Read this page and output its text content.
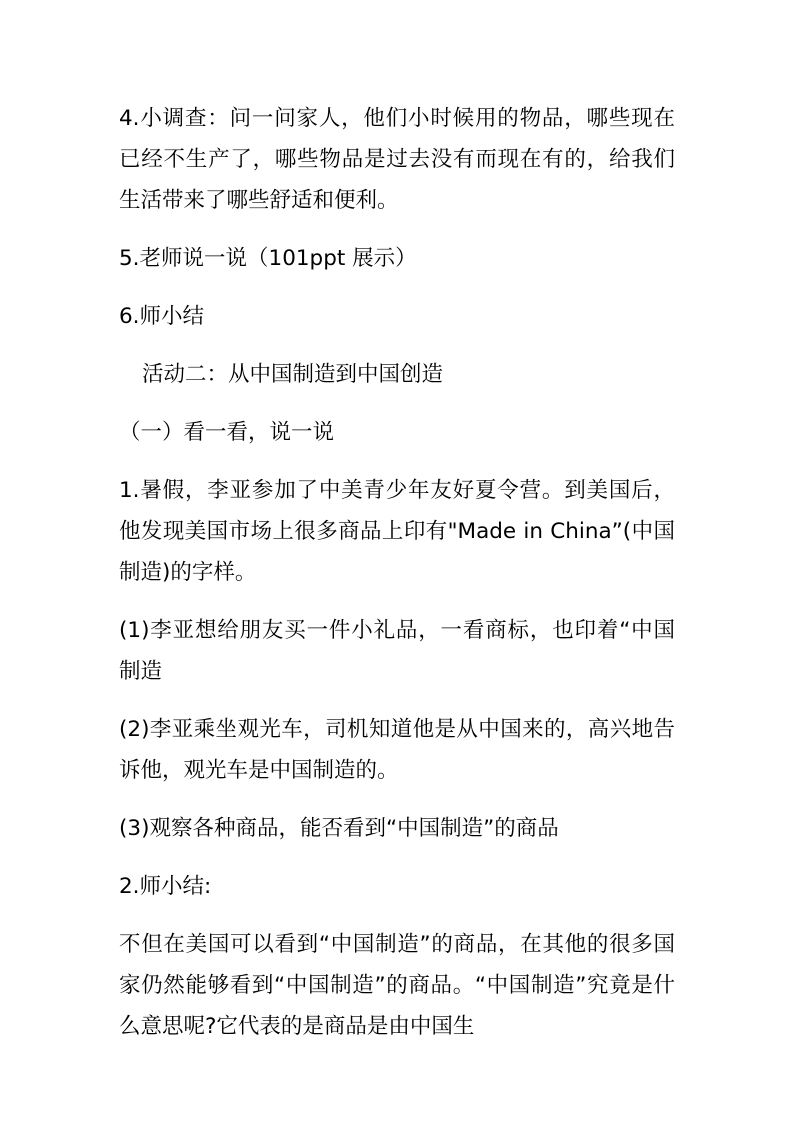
4.小调查：问一问家人，他们小时候用的物品，哪些现在已经不生产了，哪些物品是过去没有而现在有的，给我们生活带来了哪些舒适和便利。

5.老师说一说（101ppt 展示）

6.师小结

活动二：从中国制造到中国创造

（一）看一看，说一说

1.暑假，李亚参加了中美青少年友好夏令营。到美国后，他发现美国市场上很多商品上印有"Made in China”(中国制造)的字样。

(1)李亚想给朋友买一件小礼品，一看商标，也印着“中国制造

(2)李亚乘坐观光车，司机知道他是从中国来的，高兴地告诉他，观光车是中国制造的。

(3)观察各种商品，能否看到“中国制造”的商品

2.师小结:

不但在美国可以看到“中国制造”的商品，在其他的很多国家仍然能够看到“中国制造”的商品。“中国制造”究竟是什么意思呢?它代表的是商品是由中国生
